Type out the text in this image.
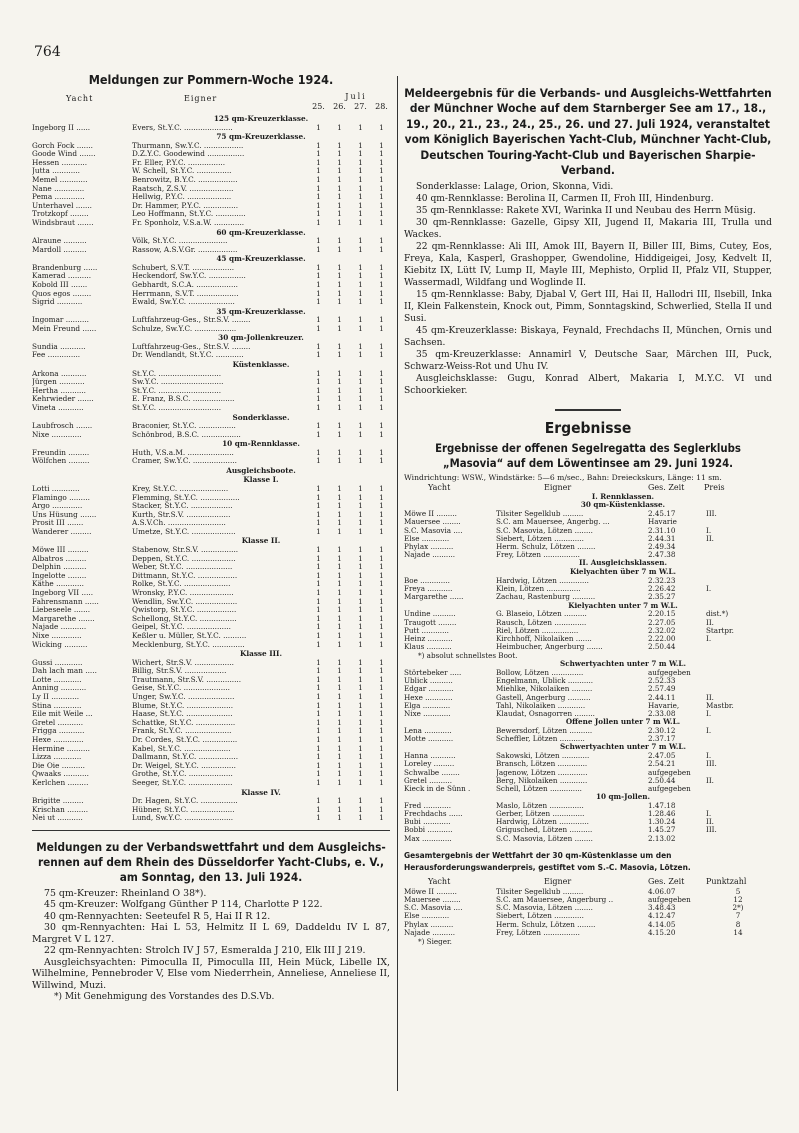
764
Meldungen zur Pommern-Woche 1924.
Yacht	Eigner	Juli
25.	26.	27.	28.
125 qm-Kreuzerklasse.
Ingeborg II ......	Evers, St.Y.C. .....................	1	1	1	1
75 qm-Kreuzerklasse.
Gorch Fock .......	Thurmann, Sw.Y.C. .................	1	1	1	1
Goode Wind .......	D.Z.Y.C. Goodewind ................	1	1	1	1
Hessen ...........	Fr. Eller, P.Y.C. ................	1	1	1	1
Jutta ............	W. Schell, St.Y.C. ...............	1	1	1	1
Memel ............	Benrowitz, B.Y.C. .................	1	1	1	1
Nane .............	Raatsch, Z.S.V. ...................	1	1	1	1
Pema .............	Hellwig, P.Y.C. ...................	1	1	1	1
Unterhavel .......	Dr. Hammer, P.Y.C. ...............	1	1	1	1
Trotzkopf ........	Leo Hoffmann, St.Y.C. .............	1	1	1	1
Windsbraut .......	Fr. Sponholz, V.S.a.W. .............	1	1	1	1
60 qm-Kreuzerklasse.
Alraune ..........	Völk, St.Y.C. .....................	1	1	1	1
Mardoll ..........	Rassow, A.S.V.Gr. .................	1	1	1	1
45 qm-Kreuzerklasse.
Brandenburg ......	Schubert, S.V.T. ..................	1	1	1	1
Kamerad ..........	Heckendorf, Sw.Y.C. ................	1	1	1	1
Kobold III .......	Gebhardt, S.C.A. ..................	1	1	1	1
Quos egos ........	Herrmann, S.V.T. ..................	1	1	1	1
Sigrid ...........	Ewald, Sw.Y.C. ....................	1	1	1	1
35 qm-Kreuzerklasse.
Ingomar ..........	Luftfahrzeug-Ges., Str.S.V. ........	1	1	1	1
Mein Freund ......	Schulze, Sw.Y.C. ..................	1	1	1	1
30 qm-Jollenkreuzer.
Sundia ...........	Luftfahrzeug-Ges., Str.S.V. ........	1	1	1	1
Fee ..............	Dr. Wendlandt, St.Y.C. ............	1	1	1	1
Küstenklasse.
Arkona ...........	St.Y.C. ...........................	1	1	1	1
Jürgen ...........	Sw.Y.C. ...........................	1	1	1	1
Hertha ...........	St.Y.C. ...........................	1	1	1	1
Kehrwieder .......	E. Franz, B.S.C. ..................	1	1	1	1
Vineta ...........	St.Y.C. ...........................	1	1	1	1
Sonderklasse.
Laubfrosch .......	Braconier, St.Y.C. ................	1	1	1	1
Nixe .............	Schönbrod, B.S.C. .................	1	1	1	1
10 qm-Rennklasse.
Freundin .........	Huth, V.S.a.M. ....................	1	1	1	1
Wölfchen .........	Cramer, Sw.Y.C. ...................	1	1	1	1
Ausgleichsboote.
Klasse I.
Lotti ............	Krey, St.Y.C. .....................	1	1	1	1
Flamingo .........	Flemming, St.Y.C. .................	1	1	1	1
Argo .............	Stacker, St.Y.C. ..................	1	1	1	1
Uns Hüsung .......	Kurth, Str.S.V. ...................	1	1	1	1
Prosit III .......	A.S.V.Ch. .........................	1	1	1	1
Wanderer .........	Umetze, St.Y.C. ...................	1	1	1	1
Klasse II.
Möwe III .........	Stabenow, Str.S.V. ................	1	1	1	1
Albatros .........	Deppen, St.Y.C. ...................	1	1	1	1
Delphin ..........	Weber, St.Y.C. ....................	1	1	1	1
Ingelotte ........	Dittmann, St.Y.C. .................	1	1	1	1
Käthe ............	Rolke, St.Y.C. ....................	1	1	1	1
Ingeborg VII .....	Wronsky, P.Y.C. ...................	1	1	1	1
Fahrensmann ......	Wendlin, Sw.Y.C. ..................	1	1	1	1
Liebeseele .......	Qwistorp, St.Y.C. .................	1	1	1	1
Margarethe .......	Schellong, St.Y.C. ................	1	1	1	1
Najade ...........	Geipel, St.Y.C. ...................	1	1	1	1
Nixe .............	Keßler u. Müller, St.Y.C. ..........	1	1	1	1
Wicking ..........	Mecklenburg, St.Y.C. ..............	1	1	1	1
Klasse III.
Gussi ............	Wichert, Str.S.V. .................	1	1	1	1
Dah lach man .....	Billig, Str.S.V. ..................	1	1	1	1
Lotte ............	Trautmann, Str.S.V. ...............	1	1	1	1
Anning ...........	Geise, St.Y.C. ....................	1	1	1	1
Ly II ............	Unger, Sw.Y.C. ....................	1	1	1	1
Stina ............	Blume, St.Y.C. ....................	1	1	1	1
Eile mit Weile ...	Haase, St.Y.C. ....................	1	1	1	1
Gretel ...........	Schattke, St.Y.C. .................	1	1	1	1
Frigga ...........	Frank, St.Y.C. ....................	1	1	1	1
Hexe .............	Dr. Cordes, St.Y.C. ...............	1	1	1	1
Hermine ..........	Kabel, St.Y.C. ....................	1	1	1	1
Lizza ............	Dallmann, St.Y.C. .................	1	1	1	1
Die Oie ..........	Dr. Weigel, St.Y.C. ...............	1	1	1	1
Qwaaks ...........	Grothe, St.Y.C. ...................	1	1	1	1
Kerlchen .........	Seeger, St.Y.C. ...................	1	1	1	1
Klasse IV.
Brigitte .........	Dr. Hagen, St.Y.C. ................	1	1	1	1
Krischan .........	Hübner, St.Y.C. ...................	1	1	1	1
Nei ut ...........	Lund, Sw.Y.C. .....................	1	1	1	1
Meldungen zu der Verbandswettfahrt und dem Ausgleichs-rennen auf dem Rhein des Düsseldorfer Yacht-Clubs, e. V., am Sonntag, den 13. Juli 1924.
75 qm-Kreuzer: Rheinland O 38*).
45 qm-Kreuzer: Wolfgang Günther P 114, Charlotte P 122.
40 qm-Rennyachten: Seeteufel R 5, Hai II R 12.
30 qm-Rennyachten: Hai L 53, Helmitz II L 69, Daddeldu IV L 87, Margret V L 127.
22 qm-Rennyachten: Strolch IV J 57, Esmeralda J 210, Elk III J 219.
Ausgleichsyachten: Pimoculla II, Pimoculla III, Hein Mück, Libelle IX, Wilhelmine, Pennebroder V, Else vom Niederrhein, Anneliese, Anneliese II, Willwind, Muzi.
*) Mit Genehmigung des Vorstandes des D.S.Vb.
Meldeergebnis für die Verbands- und Ausgleichs-Wettfahrten der Münchner Woche auf dem Starnberger See am 17., 18., 19., 20., 21., 23., 24., 25., 26. und 27. Juli 1924, veranstaltet vom Königlich Bayerischen Yacht-Club, Münchner Yacht-Club, Deutschen Touring-Yacht-Club und Bayerischen Sharpie-Verband.
Sonderklasse: Lalage, Orion, Skonna, Vidi.
40 qm-Rennklasse: Berolina II, Carmen II, Froh III, Hindenburg.
35 qm-Rennklasse: Rakete XVI, Warinka II und Neubau des Herrn Müsig.
30 qm-Rennklasse: Gazelle, Gipsy XII, Jugend II, Makaria III, Trulla und Wackes.
22 qm-Rennklasse: Ali III, Amok III, Bayern II, Biller III, Bims, Cutey, Eos, Freya, Kala, Kasperl, Grashopper, Gwendoline, Hiddigeigei, Josy, Kedvelt II, Kiebitz IX, Lütt IV, Lump II, Mayle III, Mephisto, Orplid II, Pfalz VII, Stupper, Wassermadl, Wildfang und Woglinde II.
15 qm-Rennklasse: Baby, Djabal V, Gert III, Hai II, Hallodri III, Ilsebill, Inka II, Klein Falkenstein, Knock out, Pimm, Sonntagskind, Schwerlied, Stella II und Susi.
45 qm-Kreuzerklasse: Biskaya, Feynald, Frechdachs II, München, Ornis und Sachsen.
35 qm-Kreuzerklasse: Annamirl V, Deutsche Saar, Märchen III, Puck, Schwarz-Weiss-Rot und Uhu IV.
Ausgleichsklasse: Gugu, Konrad Albert, Makaria I, M.Y.C. VI und Schoorkieker.
Ergebnisse
Ergebnisse der offenen Segelregatta des Seglerklubs „Masovia“ auf dem Löwentinsee am 29. Juni 1924.
Windrichtung: WSW., Windstärke: 5—6 m/sec., Bahn: Dreieckskurs, Länge: 11 sm.
Yacht	Eigner	Ges. Zeit Preis
I. Rennklassen.
30 qm-Küstenklasse.
Möwe II .........	Tilsiter Segelklub .........	2.45.17	III.
Mauersee ........	S.C. am Mauersee, Angerbg. ...	Havarie
S.C. Masovia ....	S.C. Masovia, Lötzen ........	2.31.10	I.
Else ............	Siebert, Lötzen .............	2.44.31	II.
Phylax ..........	Herm. Schulz, Lötzen ........	2.49.34
Najade ..........	Frey, Lötzen ................	2.47.38
II. Ausgleichsklassen.
Kielyachten über 7 m W.L.
Boe .............	Hardwig, Lötzen .............	2.32.23
Freya ...........	Klein, Lötzen ...............	2.26.42	I.
Margarethe ......	Zachau, Rastenburg ..........	2.35.27
Kielyachten unter 7 m W.L.
Undine ..........	G. Blaseio, Lötzen ..........	2.20.15	dist.*)
Traugott ........	Rausch, Lötzen ..............	2.27.05	II.
Putt ............	Riel, Lötzen ................	2.32.02	Startpr.
Heinz ...........	Kirchhoff, Nikolaiken .......	2.22.00	I.
Klaus ...........	Heimbucher, Angerburg .......	2.50.44
*) absolut schnellstes Boot.
Schwertyachten unter 7 m W.L.
Störtebeker .....	Bollow, Lötzen ..............	aufgegeben
Ublick ..........	Engelmann, Ublick ...........	2.52.33
Edgar ...........	Miehlke, Nikolaiken .........	2.57.49
Hexe ............	Gastell, Angerburg ..........	2.44.11	II.
Elga ............	Tahl, Nikolaiken ............	Havarie,	Mastbr.
Nixe ............	Klaudat, Osnagorren .........	2.33.08	I.
Offene Jollen unter 7 m W.L.
Lena ............	Bewersdorf, Lötzen ..........	2.30.12	I.
Motte ...........	Scheffler, Lötzen ...........	2.37.17
Schwertyachten unter 7 m W.L.
Hanna ...........	Sakowski, Lötzen ............	2.47.05	I.
Loreley .........	Bransch, Lötzen .............	2.54.21	III.
Schwalbe ........	Jagenow, Lötzen .............	aufgegeben
Gretel ..........	Berg, Nikolaiken ............	2.50.44	II.
Kieck in de Sünn .	Schell, Lötzen ..............	aufgegeben
10 qm-Jollen.
Fred ............	Maslo, Lötzen ...............	1.47.18
Frechdachs ......	Gerber, Lötzen ..............	1.28.46	I.
Bubi ............	Hardwig, Lötzen .............	1.30.24	II.
Bobbi ...........	Grigusched, Lötzen ..........	1.45.27	III.
Max .............	S.C. Masovia, Lötzen ........	2.13.02
Gesamtergebnis der Wettfahrt der 30 qm-Küstenklasse um den Herausforderungswanderpreis, gestiftet vom S.-C. Masovia, Lötzen.
Yacht	Eigner	Ges. Zeit	Punktzahl
Möwe II .........	Tilsiter Segelklub .........	4.06.07	5
Mauersee ........	S.C. am Mauersee, Angerburg ..	aufgegeben	12
S.C. Masovia ....	S.C. Masovia, Lötzen ........	3.48.43	2*)
Else ............	Siebert, Lötzen .............	4.12.47	7
Phylax ..........	Herm. Schulz, Lötzen ........	4.14.05	8
Najade ..........	Frey, Lötzen ................	4.15.20	14
*) Sieger.
